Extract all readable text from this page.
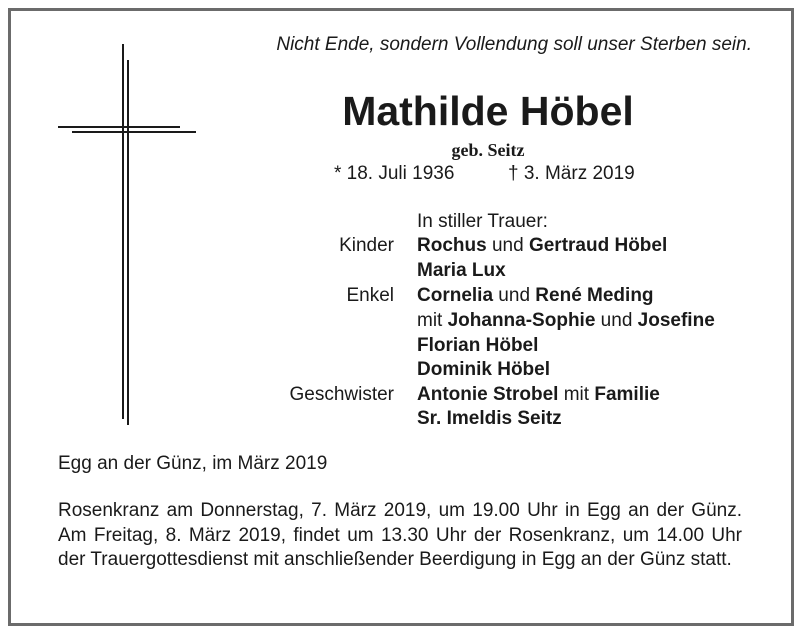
Nicht Ende, sondern Vollendung soll unser Sterben sein.
Mathilde Höbel
geb. Seitz
* 18. Juli 1936	† 3. März 2019
In stiller Trauer:
Kinder Rochus und Gertraud Höbel
Maria Lux
Enkel Cornelia und René Meding
mit Johanna-Sophie und Josefine
Florian Höbel
Dominik Höbel
Geschwister Antonie Strobel mit Familie
Sr. Imeldis Seitz
Egg an der Günz, im März 2019
Rosenkranz am Donnerstag, 7. März 2019, um 19.00 Uhr in Egg an der Günz. Am Freitag, 8. März 2019, findet um 13.30 Uhr der Rosenkranz, um 14.00 Uhr der Trauergottesdienst mit anschließender Beerdigung in Egg an der Günz statt.
